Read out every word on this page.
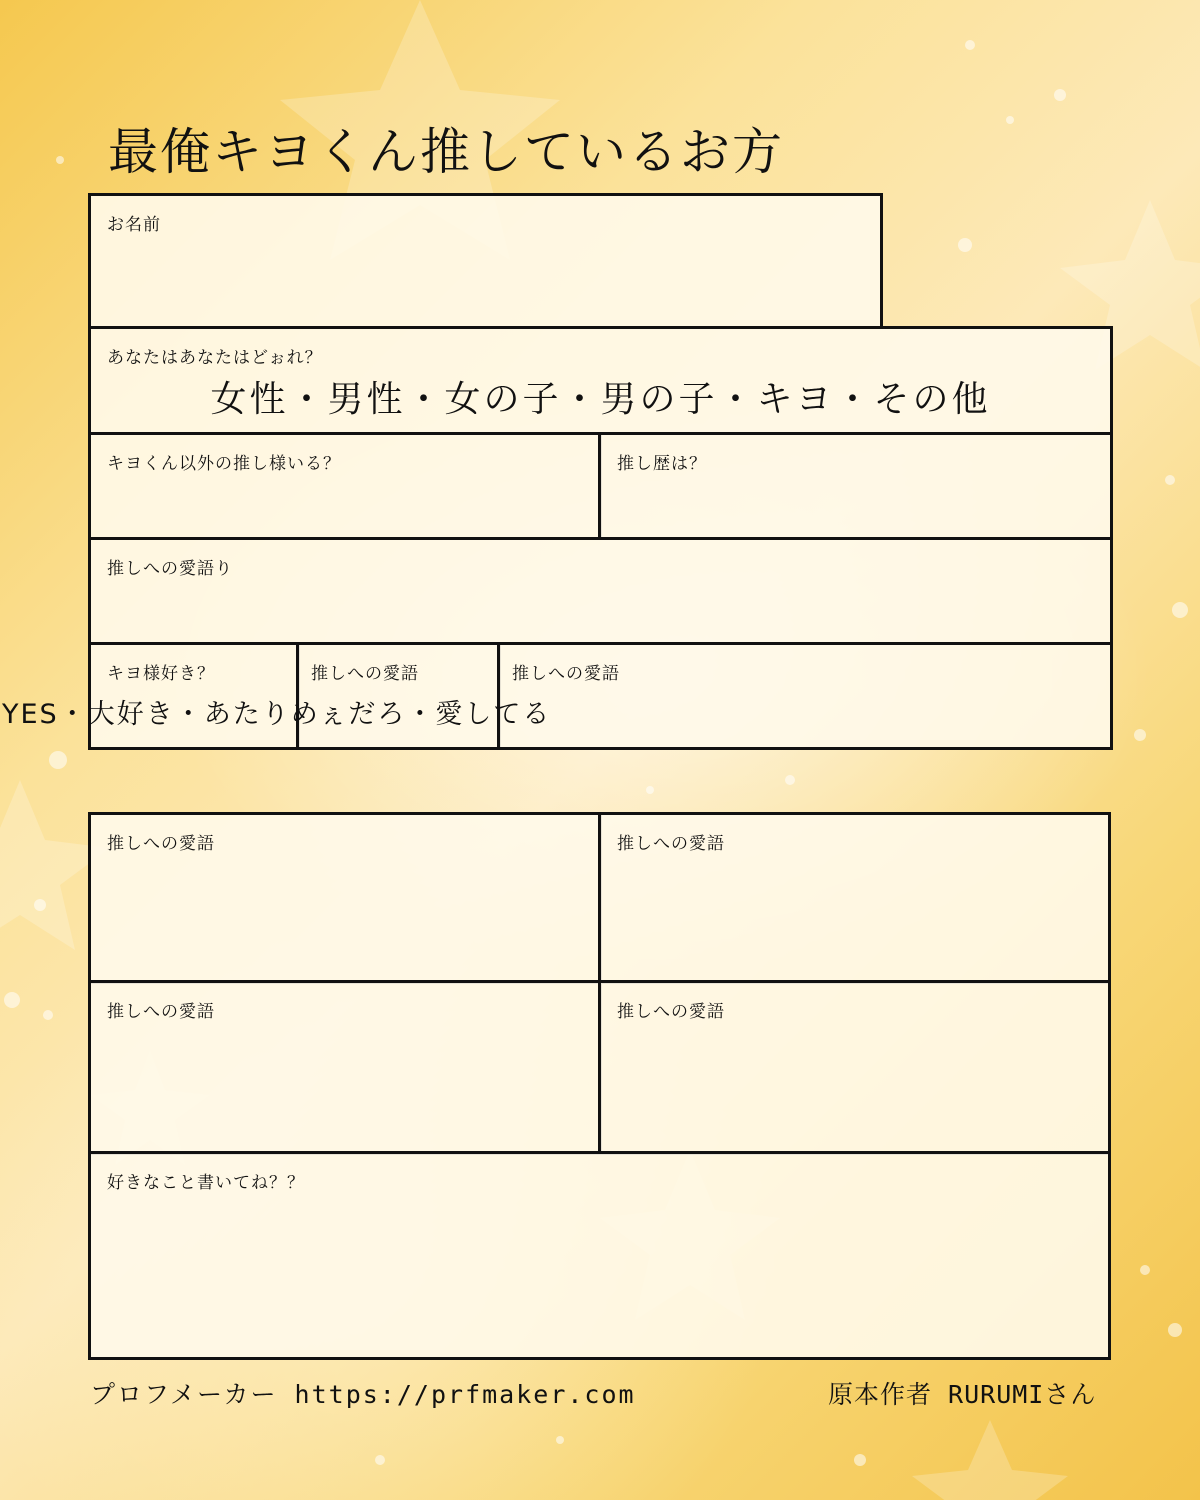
最俺キヨくん推しているお方
お名前
あなたはあなたはどぉれ？
女性・男性・女の子・男の子・キヨ・その他
キヨくん以外の推し様いる？	推し歴は？
推しへの愛語り
キヨ様好き？	推しへの愛語	推しへの愛語
YES・大好き・あたりめぇだろ・愛してる
推しへの愛語	推しへの愛語
推しへの愛語	推しへの愛語
好きなこと書いてね？？
プロフメーカー https://prfmaker.com	原本作者 RURUMIさん
